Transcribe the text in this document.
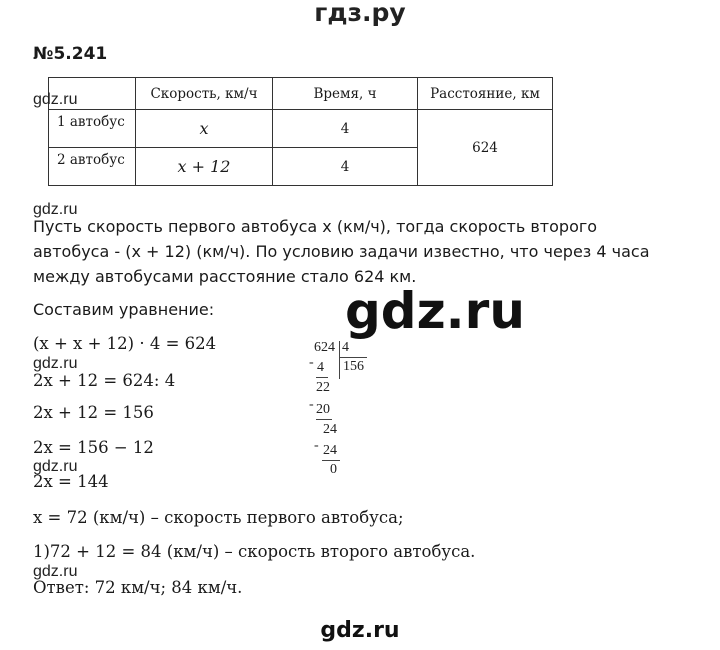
гдз.ру
№5.241
	Скорость, км/ч	Время, ч	Расстояние, км
1 автобус	x	4	624
2 автобус	x + 12	4	
gdz.ru
gdz.ru
gdz.ru
gdz.ru
gdz.ru
Пусть скорость первого автобуса x (км/ч), тогда скорость второго
автобуса - (x + 12) (км/ч). По условию задачи известно, что через 4 часа
между автобусами расстояние стало 624 км.
Составим уравнение:	gdz.ru
(x + x + 12) · 4 = 624
2x + 12 = 624: 4
2x + 12 = 156
2x = 156 − 12
2x = 144
x = 72 (км/ч) – скорость первого автобуса;
1)72 + 12 = 84 (км/ч) – скорость второго автобуса.
Ответ: 72 км/ч; 84 км/ч.
624 4
156
- 4
22
- 20
24
- 24
0
gdz.ru
